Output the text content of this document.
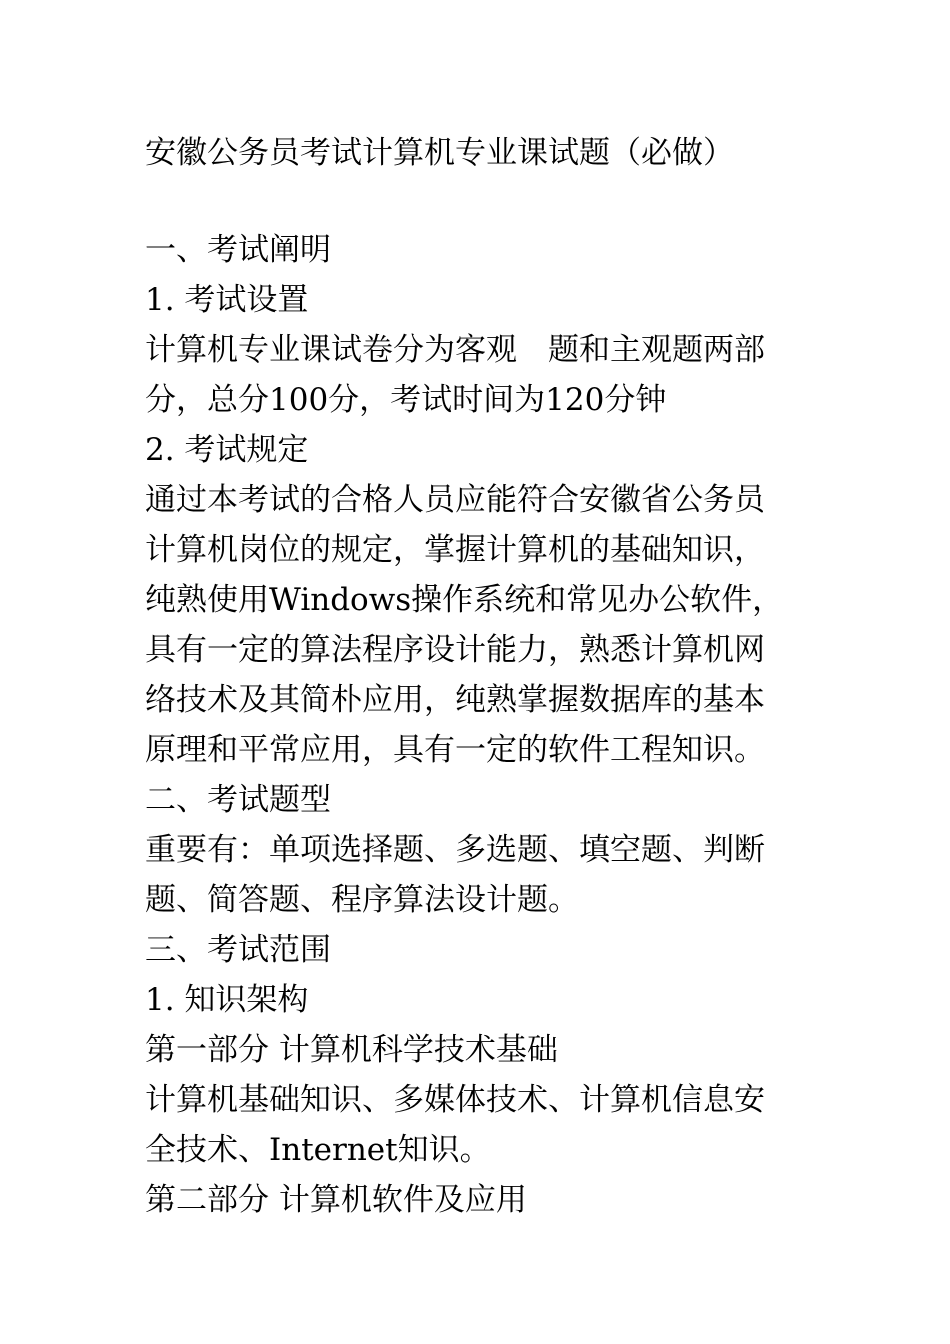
安徽公务员考试计算机专业课试题（必做）
一、考试阐明
1. 考试设置
计算机专业课试卷分为客观　题和主观题两部
分，总分100分，考试时间为120分钟
2. 考试规定
通过本考试的合格人员应能符合安徽省公务员
计算机岗位的规定，掌握计算机的基础知识，
纯熟使用Windows操作系统和常见办公软件，
具有一定的算法程序设计能力，熟悉计算机网
络技术及其简朴应用，纯熟掌握数据库的基本
原理和平常应用，具有一定的软件工程知识。
二、考试题型
重要有：单项选择题、多选题、填空题、判断
题、简答题、程序算法设计题。
三、考试范围
1. 知识架构
第一部分 计算机科学技术基础
计算机基础知识、多媒体技术、计算机信息安
全技术、Internet知识。
第二部分 计算机软件及应用
